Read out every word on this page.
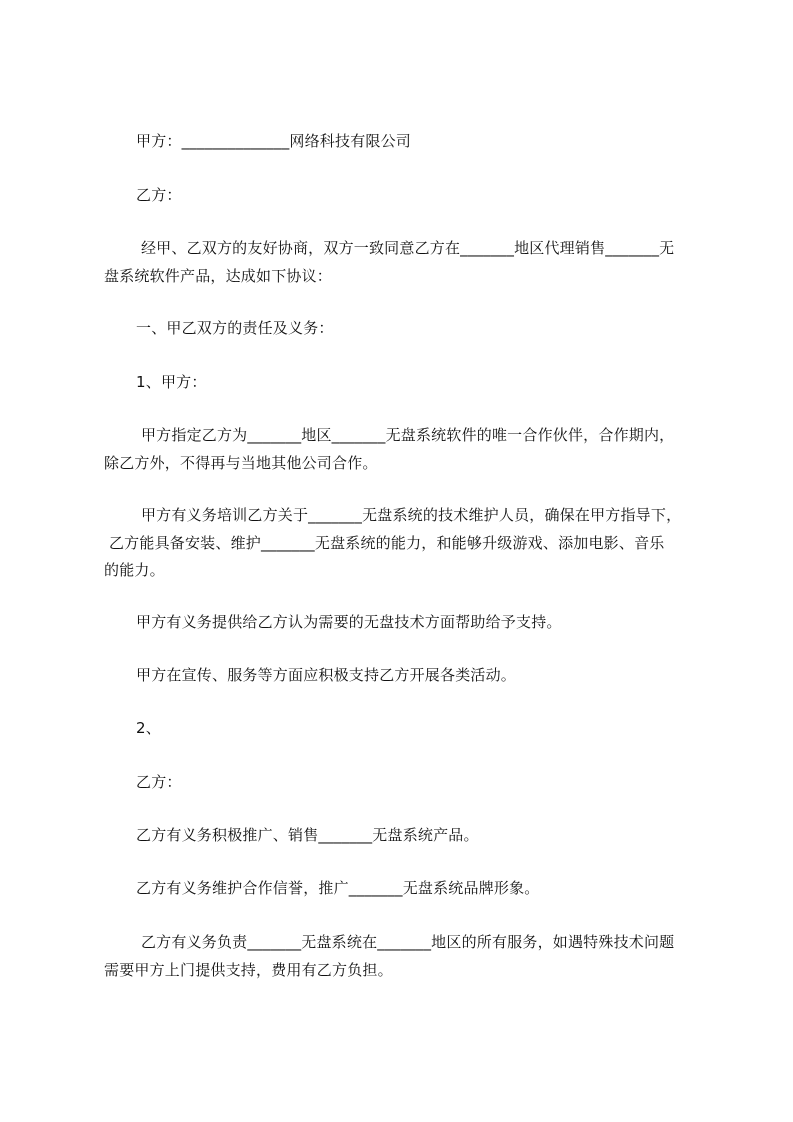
甲方：______________网络科技有限公司
乙方：
经甲、乙双方的友好协商，双方一致同意乙方在_______地区代理销售_______无
盘系统软件产品，达成如下协议：
一、甲乙双方的责任及义务：
1、甲方：
甲方指定乙方为_______地区_______无盘系统软件的唯一合作伙伴，合作期内，
除乙方外，不得再与当地其他公司合作。
甲方有义务培训乙方关于_______无盘系统的技术维护人员，确保在甲方指导下，
乙方能具备安装、维护_______无盘系统的能力，和能够升级游戏、添加电影、音乐
的能力。
甲方有义务提供给乙方认为需要的无盘技术方面帮助给予支持。
甲方在宣传、服务等方面应积极支持乙方开展各类活动。
2、
乙方：
乙方有义务积极推广、销售_______无盘系统产品。
乙方有义务维护合作信誉，推广_______无盘系统品牌形象。
乙方有义务负责_______无盘系统在_______地区的所有服务，如遇特殊技术问题
需要甲方上门提供支持，费用有乙方负担。
